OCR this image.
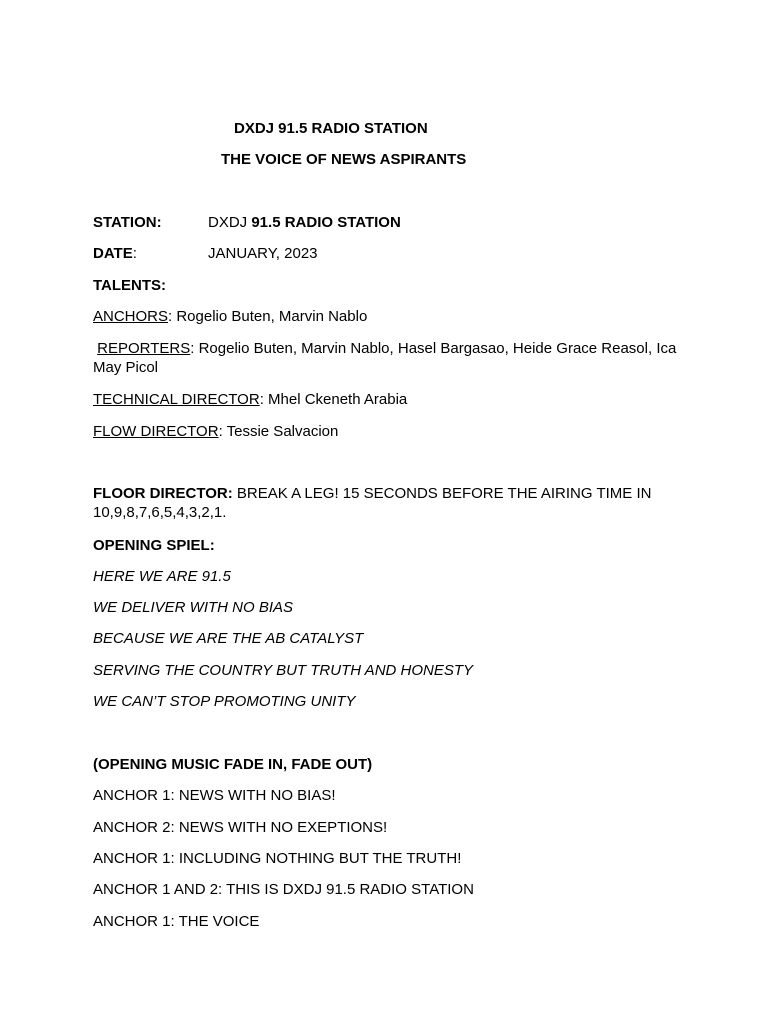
DXDJ 91.5 RADIO STATION
THE VOICE OF NEWS ASPIRANTS
STATION:	DXDJ 91.5 RADIO STATION
DATE:	JANUARY, 2023
TALENTS:
ANCHORS: Rogelio Buten, Marvin Nablo
REPORTERS: Rogelio Buten, Marvin Nablo, Hasel Bargasao, Heide Grace Reasol, Ica May Picol
TECHNICAL DIRECTOR: Mhel Ckeneth Arabia
FLOW DIRECTOR: Tessie Salvacion
FLOOR DIRECTOR: BREAK A LEG! 15 SECONDS BEFORE THE AIRING TIME IN 10,9,8,7,6,5,4,3,2,1.
OPENING SPIEL:
HERE WE ARE 91.5
WE DELIVER WITH NO BIAS
BECAUSE WE ARE THE AB CATALYST
SERVING THE COUNTRY BUT TRUTH AND HONESTY
WE CAN’T STOP PROMOTING UNITY
(OPENING MUSIC FADE IN, FADE OUT)
ANCHOR 1: NEWS WITH NO BIAS!
ANCHOR 2: NEWS WITH NO EXEPTIONS!
ANCHOR 1: INCLUDING NOTHING BUT THE TRUTH!
ANCHOR 1 AND 2: THIS IS DXDJ 91.5 RADIO STATION
ANCHOR 1: THE VOICE
